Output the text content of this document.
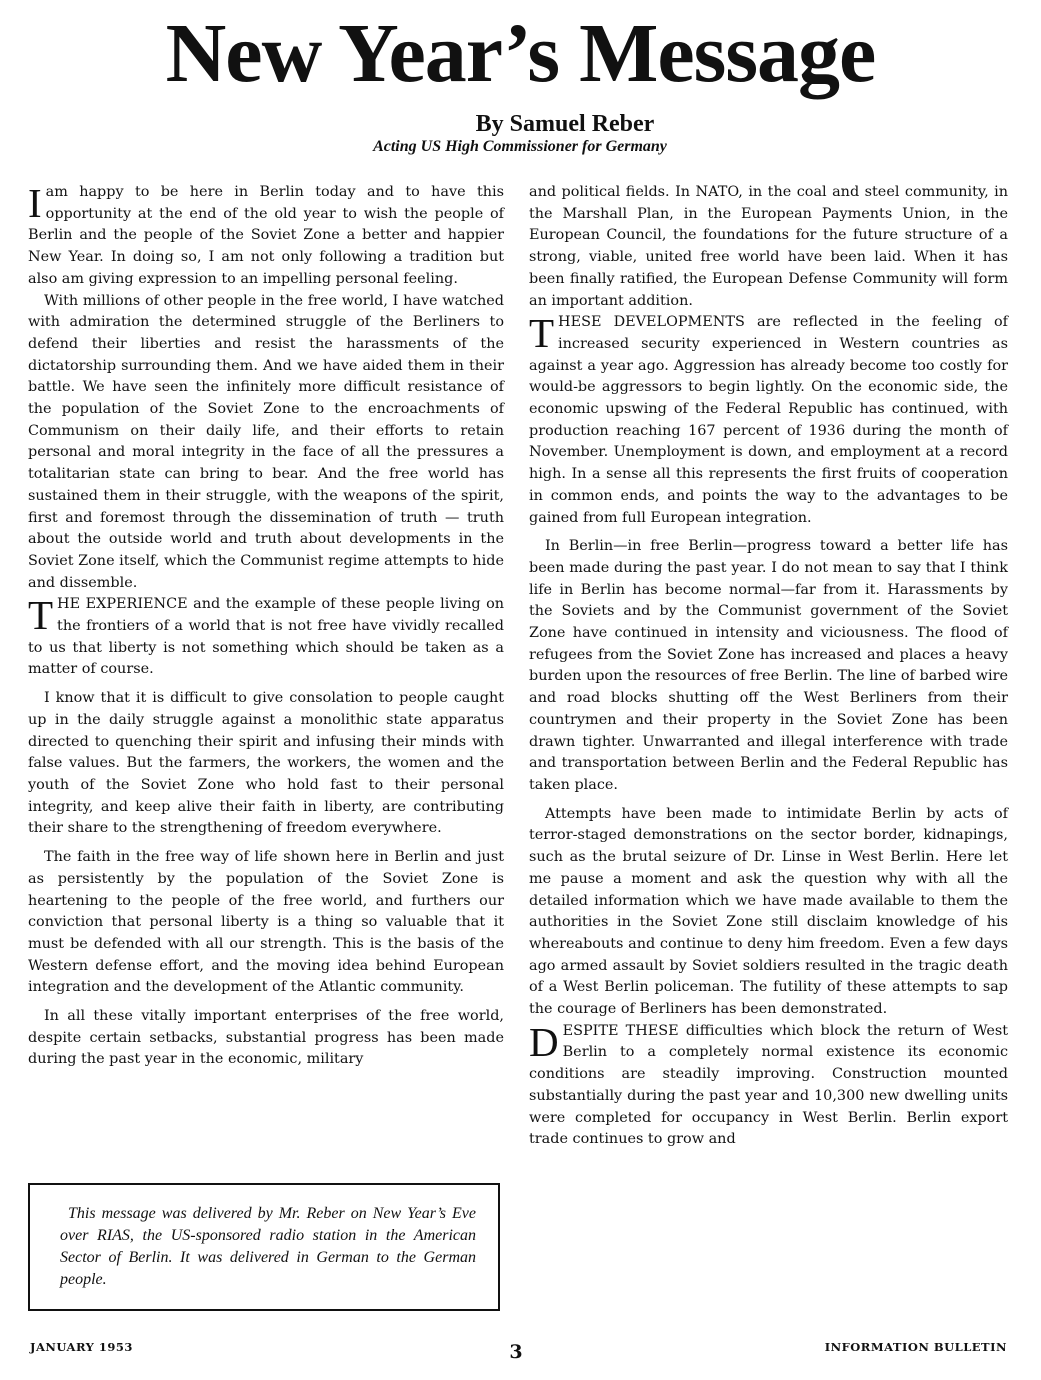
New Year’s Message

By Samuel Reber

Acting US High Commissioner for Germany

Iam happy to be here in Berlin today and to have this opportunity at the end of the old year to wish the people of Berlin and the people of the Soviet Zone a better and happier New Year. In doing so, I am not only following a tradition but also am giving expression to an impelling personal feeling.

With millions of other people in the free world, I have watched with admiration the determined struggle of the Berliners to defend their liberties and resist the harassments of the dictatorship surrounding them. And we have aided them in their battle. We have seen the infinitely more difficult resistance of the population of the Soviet Zone to the encroachments of Communism on their daily life, and their efforts to retain personal and moral integrity in the face of all the pressures a totalitarian state can bring to bear. And the free world has sustained them in their struggle, with the weapons of the spirit, first and foremost through the dissemination of truth — truth about the outside world and truth about developments in the Soviet Zone itself, which the Communist regime attempts to hide and dissemble.

THE EXPERIENCE and the example of these people living on the frontiers of a world that is not free have vividly recalled to us that liberty is not something which should be taken as a matter of course.

I know that it is difficult to give consolation to people caught up in the daily struggle against a monolithic state apparatus directed to quenching their spirit and infusing their minds with false values. But the farmers, the workers, the women and the youth of the Soviet Zone who hold fast to their personal integrity, and keep alive their faith in liberty, are contributing their share to the strengthening of freedom everywhere.

The faith in the free way of life shown here in Berlin and just as persistently by the population of the Soviet Zone is heartening to the people of the free world, and furthers our conviction that personal liberty is a thing so valuable that it must be defended with all our strength. This is the basis of the Western defense effort, and the moving idea behind European integration and the development of the Atlantic community.

In all these vitally important enterprises of the free world, despite certain setbacks, substantial progress has been made during the past year in the economic, military

This message was delivered by Mr. Reber on New Year’s Eve over RIAS, the US-sponsored radio station in the American Sector of Berlin. It was delivered in German to the German people.

and political fields. In NATO, in the coal and steel community, in the Marshall Plan, in the European Payments Union, in the European Council, the foundations for the future structure of a strong, viable, united free world have been laid. When it has been finally ratified, the European Defense Community will form an important addition.

THESE DEVELOPMENTS are reflected in the feeling of increased security experienced in Western countries as against a year ago. Aggression has already become too costly for would-be aggressors to begin lightly. On the economic side, the economic upswing of the Federal Republic has continued, with production reaching 167 percent of 1936 during the month of November. Unemployment is down, and employment at a record high. In a sense all this represents the first fruits of cooperation in common ends, and points the way to the advantages to be gained from full European integration.

In Berlin—in free Berlin—progress toward a better life has been made during the past year. I do not mean to say that I think life in Berlin has become normal—far from it. Harassments by the Soviets and by the Communist government of the Soviet Zone have continued in intensity and viciousness. The flood of refugees from the Soviet Zone has increased and places a heavy burden upon the resources of free Berlin. The line of barbed wire and road blocks shutting off the West Berliners from their countrymen and their property in the Soviet Zone has been drawn tighter. Unwarranted and illegal interference with trade and transportation between Berlin and the Federal Republic has taken place.

Attempts have been made to intimidate Berlin by acts of terror-staged demonstrations on the sector border, kidnapings, such as the brutal seizure of Dr. Linse in West Berlin. Here let me pause a moment and ask the question why with all the detailed information which we have made available to them the authorities in the Soviet Zone still disclaim knowledge of his whereabouts and continue to deny him freedom. Even a few days ago armed assault by Soviet soldiers resulted in the tragic death of a West Berlin policeman. The futility of these attempts to sap the courage of Berliners has been demonstrated.

DESPITE THESE difficulties which block the return of West Berlin to a completely normal existence its economic conditions are steadily improving. Construction mounted substantially during the past year and 10,300 new dwelling units were completed for occupancy in West Berlin. Berlin export trade continues to grow and

JANUARY 1953	3	INFORMATION BULLETIN
